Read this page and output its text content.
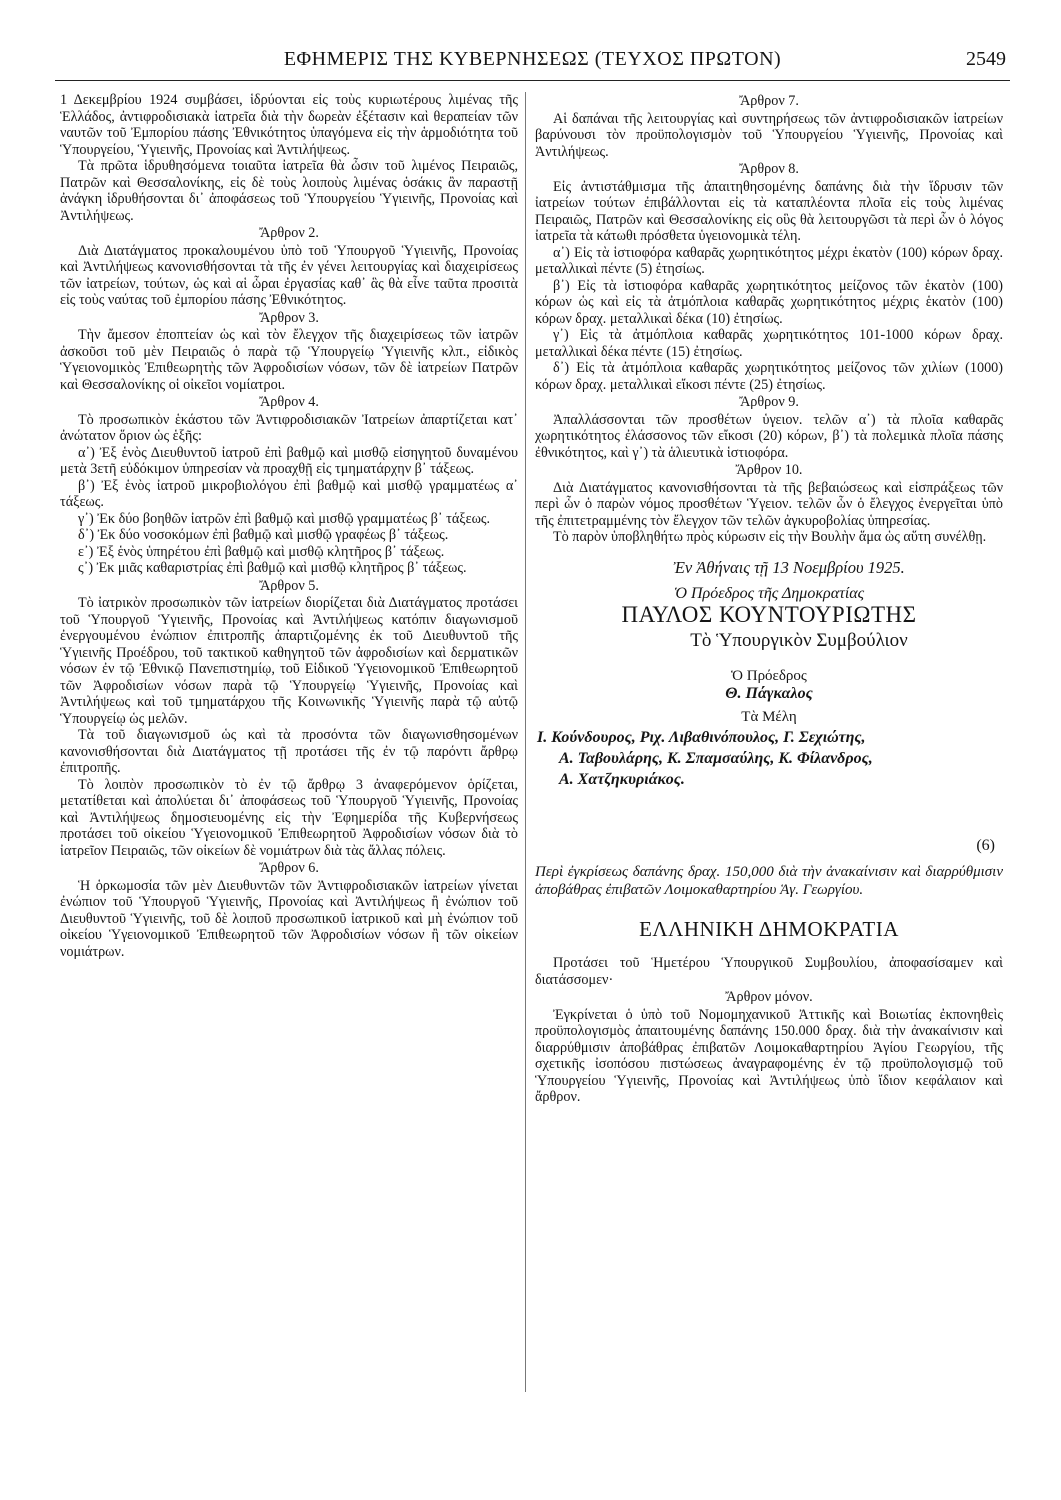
ΕΦΗΜΕΡΙΣ ΤΗΣ ΚΥΒΕΡΝΗΣΕΩΣ (ΤΕΥΧΟΣ ΠΡΩΤΟΝ)	2549

1 Δεκεμβρίου 1924 συμβάσει, ἱδρύονται εἰς τοὺς κυριωτέρους λιμένας τῆς Ἑλλάδος, ἀντιφροδισιακὰ ἰατρεῖα διὰ τὴν δωρεὰν ἐξέτασιν καὶ θεραπείαν τῶν ναυτῶν τοῦ Ἐμπορίου πάσης Ἐθνικότητος ὑπαγόμενα εἰς τὴν ἁρμοδιότητα τοῦ Ὑπουργείου, Ὑγιεινῆς, Προνοίας καὶ Ἀντιλήψεως.

Τὰ πρῶτα ἱδρυθησόμενα τοιαῦτα ἰατρεῖα θὰ ὦσιν τοῦ λιμένος Πειραιῶς, Πατρῶν καὶ Θεσσαλονίκης, εἰς δὲ τοὺς λοιποὺς λιμένας ὁσάκις ἂν παραστῇ ἀνάγκη ἱδρυθήσονται δι᾽ ἀποφάσεως τοῦ Ὑπουργείου Ὑγιεινῆς, Προνοίας καὶ Ἀντιλήψεως.

Ἄρθρον 2.

Διὰ Διατάγματος προκαλουμένου ὑπὸ τοῦ Ὑπουργοῦ Ὑγιεινῆς, Προνοίας καὶ Ἀντιλήψεως κανονισθήσονται τὰ τῆς ἐν γένει λειτουργίας καὶ διαχειρίσεως τῶν ἰατρείων, τούτων, ὡς καὶ αἱ ὧραι ἐργασίας καθ᾽ ἃς θὰ εἶνε ταῦτα προσιτὰ εἰς τοὺς ναύτας τοῦ ἐμπορίου πάσης Ἐθνικότητος.

Ἄρθρον 3.

Τὴν ἄμεσον ἐποπτείαν ὡς καὶ τὸν ἔλεγχον τῆς διαχειρίσεως τῶν ἰατρῶν ἀσκοῦσι τοῦ μὲν Πειραιῶς ὁ παρὰ τῷ Ὑπουργείῳ Ὑγιεινῆς κλπ., εἰδικὸς Ὑγειονομικὸς Ἐπιθεωρητὴς τῶν Ἀφροδισίων νόσων, τῶν δὲ ἰατρείων Πατρῶν καὶ Θεσσαλονίκης οἱ οἰκεῖοι νομίατροι.

Ἄρθρον 4.

Τὸ προσωπικὸν ἑκάστου τῶν Ἀντιφροδισιακῶν Ἰατρείων ἀπαρτίζεται κατ᾽ ἀνώτατον ὅριον ὡς ἑξῆς:

α᾽) Ἐξ ἑνὸς Διευθυντοῦ ἰατροῦ ἐπὶ βαθμῷ καὶ μισθῷ εἰσηγητοῦ δυναμένου μετὰ 3ετῆ εὐδόκιμον ὑπηρεσίαν νὰ προαχθῇ εἰς τμηματάρχην β᾽ τάξεως.

β᾽) Ἐξ ἑνὸς ἰατροῦ μικροβιολόγου ἐπὶ βαθμῷ καὶ μισθῷ γραμματέως α᾽ τάξεως.

γ᾽) Ἐκ δύο βοηθῶν ἰατρῶν ἐπὶ βαθμῷ καὶ μισθῷ γραμματέως β᾽ τάξεως.

δ᾽) Ἐκ δύο νοσοκόμων ἐπὶ βαθμῷ καὶ μισθῷ γραφέως β᾽ τάξεως.

ε᾽) Ἐξ ἑνὸς ὑπηρέτου ἐπὶ βαθμῷ καὶ μισθῷ κλητῆρος β᾽ τάξεως.

ς᾽) Ἐκ μιᾶς καθαριστρίας ἐπὶ βαθμῷ καὶ μισθῷ κλητῆρος β᾽ τάξεως.

Ἄρθρον 5.

Τὸ ἰατρικὸν προσωπικὸν τῶν ἰατρείων διορίζεται διὰ Διατάγματος προτάσει τοῦ Ὑπουργοῦ Ὑγιεινῆς, Προνοίας καὶ Ἀντιλήψεως κατόπιν διαγωνισμοῦ ἐνεργουμένου ἐνώπιον ἐπιτροπῆς ἀπαρτιζομένης ἐκ τοῦ Διευθυντοῦ τῆς Ὑγιεινῆς Προέδρου, τοῦ τακτικοῦ καθηγητοῦ τῶν ἀφροδισίων καὶ δερματικῶν νόσων ἐν τῷ Ἐθνικῷ Πανεπιστημίῳ, τοῦ Εἰδικοῦ Ὑγειονομικοῦ Ἐπιθεωρητοῦ τῶν Ἀφροδισίων νόσων παρὰ τῷ Ὑπουργείῳ Ὑγιεινῆς, Προνοίας καὶ Ἀντιλήψεως καὶ τοῦ τμηματάρχου τῆς Κοινωνικῆς Ὑγιεινῆς παρὰ τῷ αὐτῷ Ὑπουργείῳ ὡς μελῶν.

Τὰ τοῦ διαγωνισμοῦ ὡς καὶ τὰ προσόντα τῶν διαγωνισθησομένων κανονισθήσονται διὰ Διατάγματος τῇ προτάσει τῆς ἐν τῷ παρόντι ἄρθρῳ ἐπιτροπῆς.

Τὸ λοιπὸν προσωπικὸν τὸ ἐν τῷ ἄρθρῳ 3 ἀναφερόμενον ὁρίζεται, μετατίθεται καὶ ἀπολύεται δι᾽ ἀποφάσεως τοῦ Ὑπουργοῦ Ὑγιεινῆς, Προνοίας καὶ Ἀντιλήψεως δημοσιευομένης εἰς τὴν Ἐφημερίδα τῆς Κυβερνήσεως προτάσει τοῦ οἰκείου Ὑγειονομικοῦ Ἐπιθεωρητοῦ Ἀφροδισίων νόσων διὰ τὸ ἰατρεῖον Πειραιῶς, τῶν οἰκείων δὲ νομιάτρων διὰ τὰς ἄλλας πόλεις.

Ἄρθρον 6.

Ἡ ὁρκωμοσία τῶν μὲν Διευθυντῶν τῶν Ἀντιφροδισιακῶν ἰατρείων γίνεται ἐνώπιον τοῦ Ὑπουργοῦ Ὑγιεινῆς, Προνοίας καὶ Ἀντιλήψεως ἢ ἐνώπιον τοῦ Διευθυντοῦ Ὑγιεινῆς, τοῦ δὲ λοιποῦ προσωπικοῦ ἰατρικοῦ καὶ μὴ ἐνώπιον τοῦ οἰκείου Ὑγειονομικοῦ Ἐπιθεωρητοῦ τῶν Ἀφροδισίων νόσων ἢ τῶν οἰκείων νομιάτρων.

Ἄρθρον 7.

Αἱ δαπάναι τῆς λειτουργίας καὶ συντηρήσεως τῶν ἀντιφροδισιακῶν ἰατρείων βαρύνουσι τὸν προϋπολογισμὸν τοῦ Ὑπουργείου Ὑγιεινῆς, Προνοίας καὶ Ἀντιλήψεως.

Ἄρθρον 8.

Εἰς ἀντιστάθμισμα τῆς ἀπαιτηθησομένης δαπάνης διὰ τὴν ἵδρυσιν τῶν ἰατρείων τούτων ἐπιβάλλονται εἰς τὰ καταπλέοντα πλοῖα εἰς τοὺς λιμένας Πειραιῶς, Πατρῶν καὶ Θεσσαλονίκης εἰς οὓς θὰ λειτουργῶσι τὰ περὶ ὧν ὁ λόγος ἰατρεῖα τὰ κάτωθι πρόσθετα ὑγειονομικὰ τέλη.

α᾽) Εἰς τὰ ἱστιοφόρα καθαρᾶς χωρητικότητος μέχρι ἑκατὸν (100) κόρων δραχ. μεταλλικαὶ πέντε (5) ἐτησίως.

β᾽) Εἰς τὰ ἱστιοφόρα καθαρᾶς χωρητικότητος μείζονος τῶν ἑκατὸν (100) κόρων ὡς καὶ εἰς τὰ ἀτμόπλοια καθαρᾶς χωρητικότητος μέχρις ἑκατὸν (100) κόρων δραχ. μεταλλικαὶ δέκα (10) ἐτησίως.

γ᾽) Εἰς τὰ ἀτμόπλοια καθαρᾶς χωρητικότητος 101-1000 κόρων δραχ. μεταλλικαὶ δέκα πέντε (15) ἐτησίως.

δ᾽) Εἰς τὰ ἀτμόπλοια καθαρᾶς χωρητικότητος μείζονος τῶν χιλίων (1000) κόρων δραχ. μεταλλικαὶ εἴκοσι πέντε (25) ἐτησίως.

Ἄρθρον 9.

Ἀπαλλάσσονται τῶν προσθέτων ὑγειον. τελῶν α᾽) τὰ πλοῖα καθαρᾶς χωρητικότητος ἐλάσσονος τῶν εἴκοσι (20) κόρων, β᾽) τὰ πολεμικὰ πλοῖα πάσης ἐθνικότητος, καὶ γ᾽) τὰ ἁλιευτικὰ ἱστιοφόρα.

Ἄρθρον 10.

Διὰ Διατάγματος κανονισθήσονται τὰ τῆς βεβαιώσεως καὶ εἰσπράξεως τῶν περὶ ὧν ὁ παρὼν νόμος προσθέτων Ὑγειον. τελῶν ὧν ὁ ἔλεγχος ἐνεργεῖται ὑπὸ τῆς ἐπιτετραμμένης τὸν ἔλεγχον τῶν τελῶν ἀγκυροβολίας ὑπηρεσίας.

Τὸ παρὸν ὑποβληθήτω πρὸς κύρωσιν εἰς τὴν Βουλὴν ἅμα ὡς αὕτη συνέλθῃ.

Ἐν Ἀθήναις τῇ 13 Νοεμβρίου 1925.
Ὁ Πρόεδρος τῆς Δημοκρατίας
ΠΑΥΛΟΣ ΚΟΥΝΤΟΥΡΙΩΤΗΣ
Τὸ Ὑπουργικὸν Συμβούλιον
Ὁ Πρόεδρος
Θ. Πάγκαλος
Τὰ Μέλη
Ι. Κούνδουρος, Ριχ. Λιβαθινόπουλος, Γ. Σεχιώτης,
Α. Ταβουλάρης, Κ. Σπαμσαύλης, Κ. Φίλανδρος,
Α. Χατζηκυριάκος.
(6)
Περὶ ἐγκρίσεως δαπάνης δραχ. 150,000 διὰ τὴν ἀνακαίνισιν καὶ διαρρύθμισιν ἀποβάθρας ἐπιβατῶν Λοιμοκαθαρτηρίου Ἁγ. Γεωργίου.
ΕΛΛΗΝΙΚΗ ΔΗΜΟΚΡΑΤΙΑ

Προτάσει τοῦ Ἡμετέρου Ὑπουργικοῦ Συμβουλίου, ἀποφασίσαμεν καὶ διατάσσομεν·

Ἄρθρον μόνον.

Ἐγκρίνεται ὁ ὑπὸ τοῦ Νομομηχανικοῦ Ἀττικῆς καὶ Βοιωτίας ἐκπονηθεὶς προϋπολογισμὸς ἀπαιτουμένης δαπάνης 150.000 δραχ. διὰ τὴν ἀνακαίνισιν καὶ διαρρύθμισιν ἀποβάθρας ἐπιβατῶν Λοιμοκαθαρτηρίου Ἁγίου Γεωργίου, τῆς σχετικῆς ἰσοπόσου πιστώσεως ἀναγραφομένης ἐν τῷ προϋπολογισμῷ τοῦ Ὑπουργείου Ὑγιεινῆς, Προνοίας καὶ Ἀντιλήψεως ὑπὸ ἴδιον κεφάλαιον καὶ ἄρθρον.
